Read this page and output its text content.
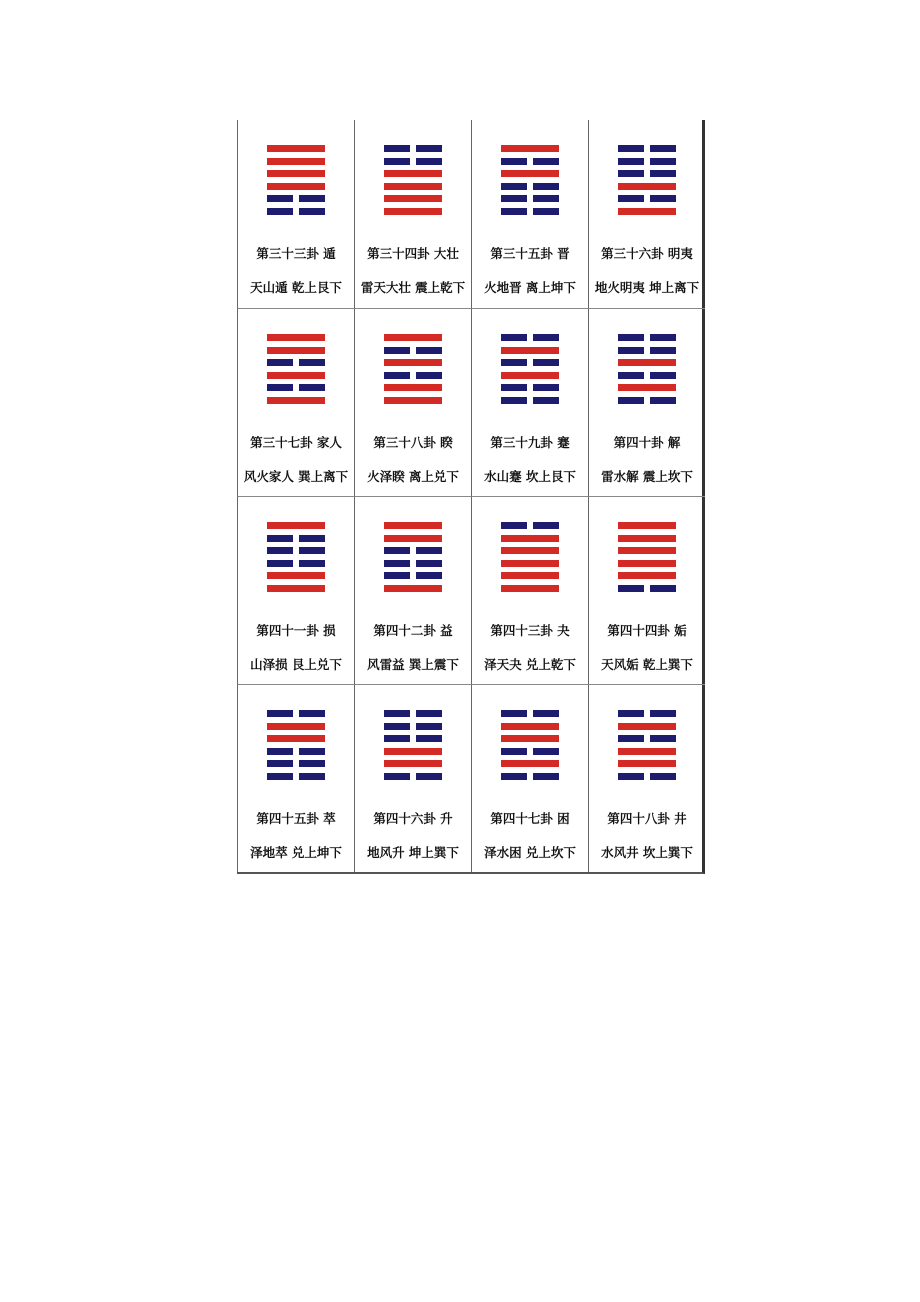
第三十三卦 遁
天山遁 乾上艮下
第三十四卦 大壮
雷天大壮 震上乾下
第三十五卦 晋
火地晋 离上坤下
第三十六卦 明夷
地火明夷 坤上离下
第三十七卦 家人
风火家人 巽上离下
第三十八卦 睽
火泽睽 离上兑下
第三十九卦 蹇
水山蹇 坎上艮下
第四十卦 解
雷水解 震上坎下
第四十一卦 损
山泽损 艮上兑下
第四十二卦 益
风雷益 巽上震下
第四十三卦 夬
泽天夬 兑上乾下
第四十四卦 姤
天风姤 乾上巽下
第四十五卦 萃
泽地萃 兑上坤下
第四十六卦 升
地风升 坤上巽下
第四十七卦 困
泽水困 兑上坎下
第四十八卦 井
水风井 坎上巽下
